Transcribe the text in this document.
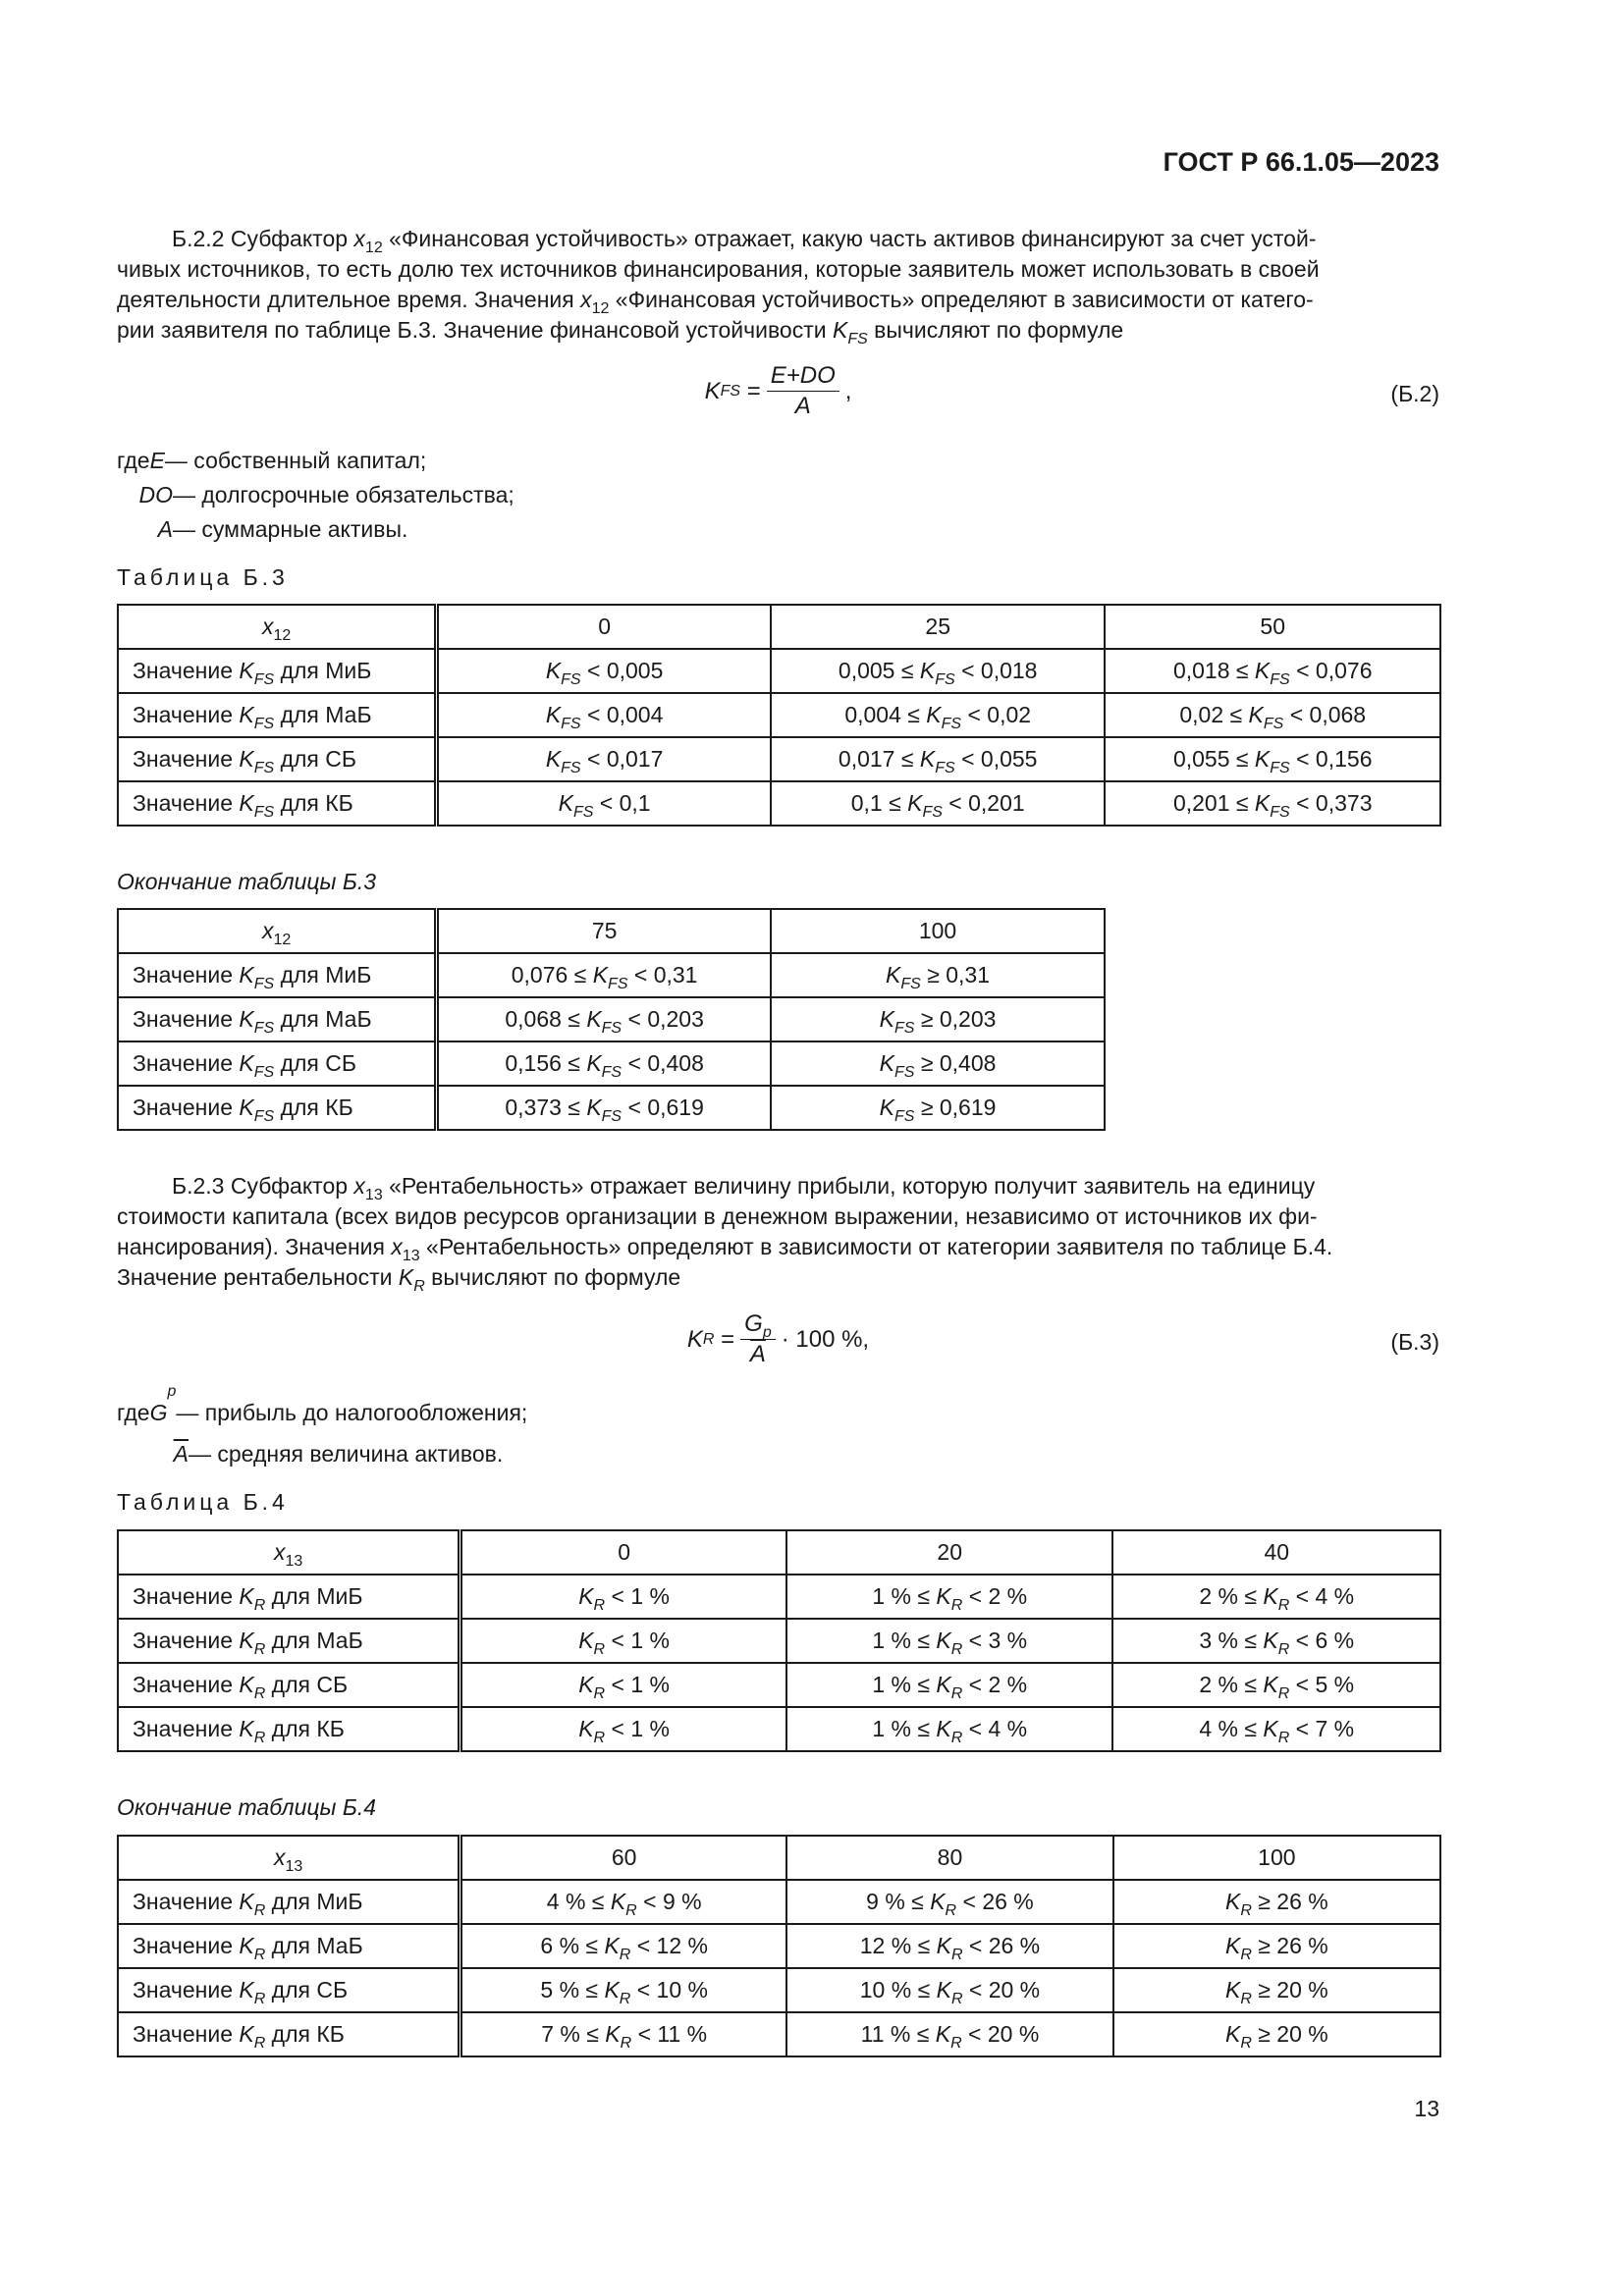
ГОСТ Р 66.1.05—2023
Б.2.2 Субфактор $x_{12}$ «Финансовая устойчивость» отражает, какую часть активов финансируют за счет устой-
чивых источников, то есть долю тех источников финансирования, которые заявитель может использовать в своей
деятельности длительное время. Значения $x_{12}$ «Финансовая устойчивость» определяют в зависимости от катего-
рии заявителя по таблице Б.3. Значение финансовой устойчивости $K_{FS}$ вычисляют по формуле
K FS = $\frac{E+DO}{A}$ ,	(Б.2)
где E — собственный капитал;
DO — долгосрочные обязательства;
A — суммарные активы.
Таблица Б.3
$x_{12}$	0	25	50
Значение $K_{FS}$ для МиБ	$K_{FS} < 0,005$	$0,005 \le K_{FS} < 0,018$	$0,018 \le K_{FS} < 0,076$
Значение $K_{FS}$ для МаБ	$K_{FS} < 0,004$	$0,004 \le K_{FS} < 0,02$	$0,02 \le K_{FS} < 0,068$
Значение $K_{FS}$ для СБ	$K_{FS} < 0,017$	$0,017 \le K_{FS} < 0,055$	$0,055 \le K_{FS} < 0,156$
Значение $K_{FS}$ для КБ	$K_{FS} < 0,1$	$0,1 \le K_{FS} < 0,201$	$0,201 \le K_{FS} < 0,373$
Окончание таблицы Б.3
$x_{12}$	75	100
Значение $K_{FS}$ для МиБ	$0,076 \le K_{FS} < 0,31$	$K_{FS} \ge 0,31$
Значение $K_{FS}$ для МаБ	$0,068 \le K_{FS} < 0,203$	$K_{FS} \ge 0,203$
Значение $K_{FS}$ для СБ	$0,156 \le K_{FS} < 0,408$	$K_{FS} \ge 0,408$
Значение $K_{FS}$ для КБ	$0,373 \le K_{FS} < 0,619$	$K_{FS} \ge 0,619$
Б.2.3 Субфактор $x_{13}$ «Рентабельность» отражает величину прибыли, которую получит заявитель на единицу
стоимости капитала (всех видов ресурсов организации в денежном выражении, независимо от источников их фи-
нансирования). Значения $x_{13}$ «Рентабельность» определяют в зависимости от категории заявителя по таблице Б.4.
Значение рентабельности $K_R$ вычисляют по формуле
K $R = \frac{G_p}{A} \cdot 100$ %,	(Б.3)
где G
p
— прибыль до налогообложения;
$\overline{A}$ — средняя величина активов.
Таблица Б.4
$x_{13}$	0	20	40
Значение $K_R$ для МиБ	$K_R < 1$ %	1 % ≤ $K_R < 2$ %	2 % ≤ $K_R < 4$ %
Значение $K_R$ для МаБ	$K_R < 1$ %	1 % ≤ $K_R < 3$ %	3 % ≤ $K_R < 6$ %
Значение $K_R$ для СБ	$K_R < 1$ %	1 % ≤ $K_R < 2$ %	2 % ≤ $K_R < 5$ %
Значение $K_R$ для КБ	$K_R < 1$ %	1 % ≤ $K_R < 4$ %	4 % ≤ $K_R < 7$ %
Окончание таблицы Б.4
$x_{13}$	60	80	100
Значение $K_R$ для МиБ	4 % ≤ $K_R < 9$ %	9 % ≤ $K_R < 26$ %	$K_R \ge 26$ %
Значение $K_R$ для МаБ	6 % ≤ $K_R < 12$ %	12 % ≤ $K_R < 26$ %	$K_R \ge 26$ %
Значение $K_R$ для СБ	5 % ≤ $K_R < 10$ %	10 % ≤ $K_R < 20$ %	$K_R \ge 20$ %
Значение $K_R$ для КБ	7 % ≤ $K_R < 11$ %	11 % ≤ $K_R < 20$ %	$K_R \ge 20$ %
13
